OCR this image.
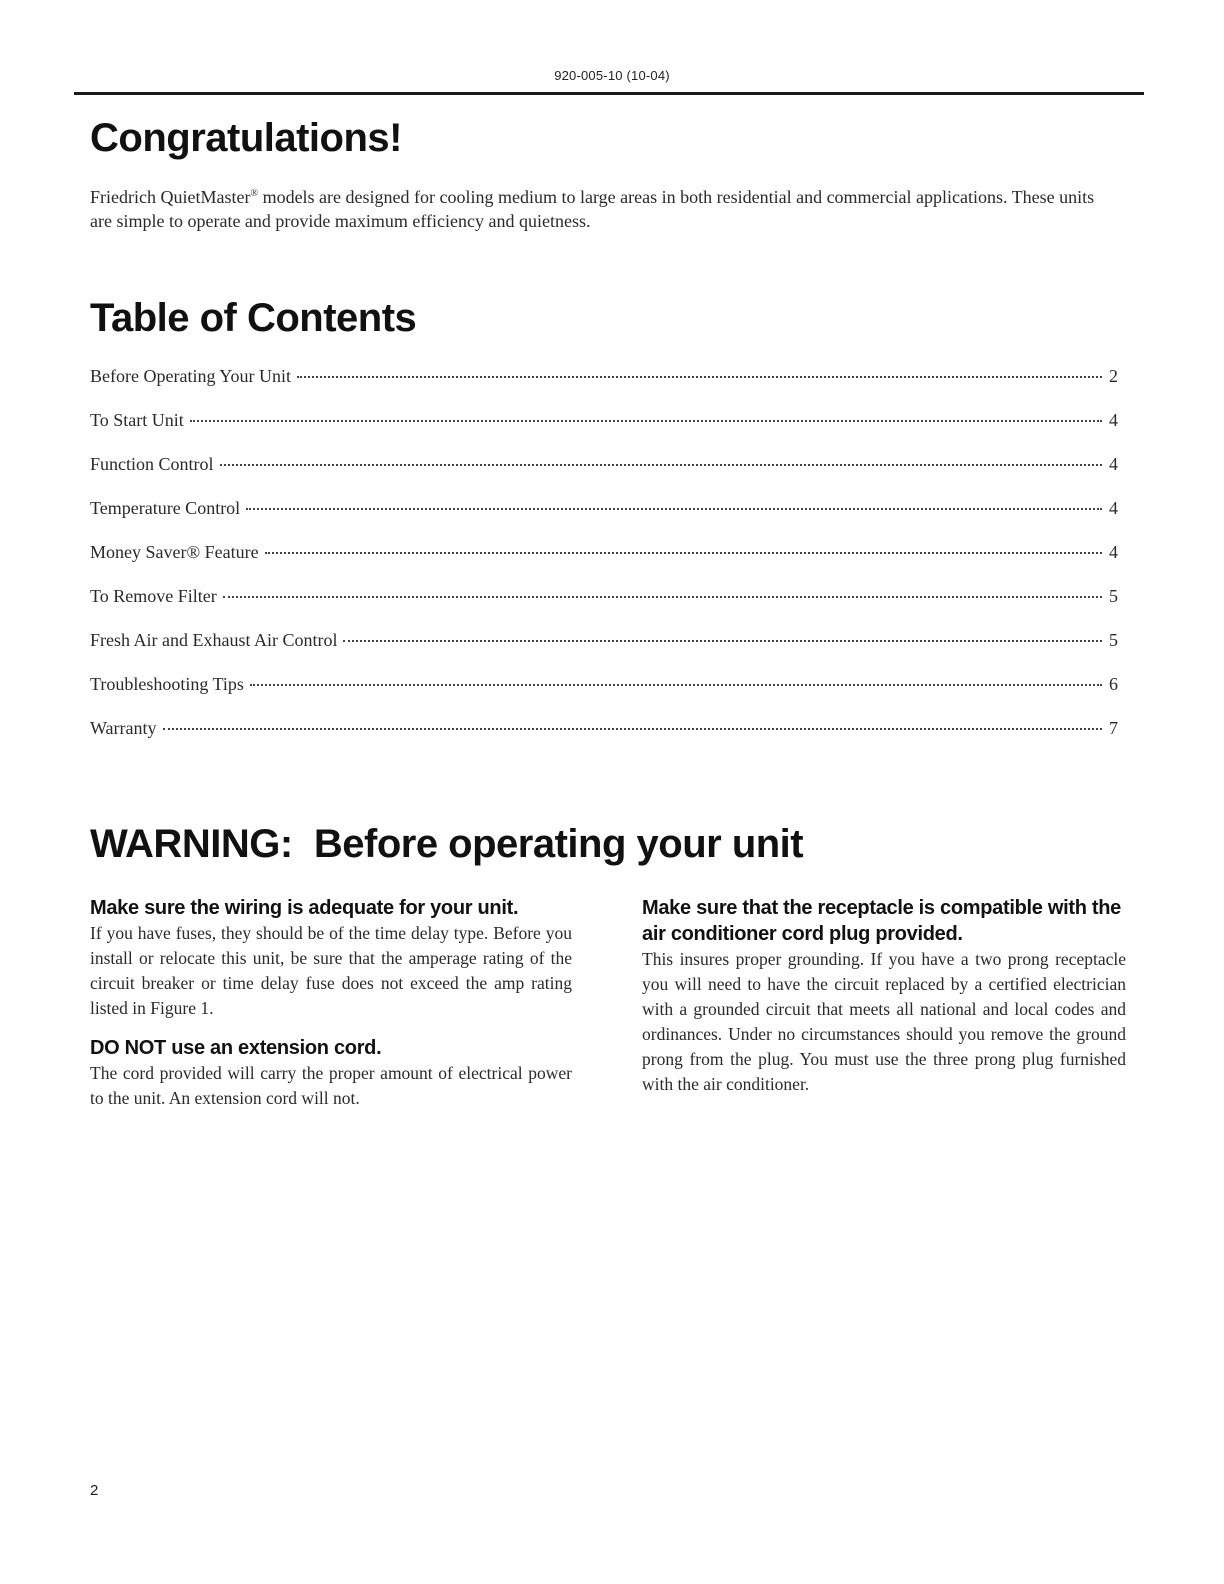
920-005-10 (10-04)
Congratulations!

Friedrich QuietMaster® models are designed for cooling medium to large areas in both residential and commercial applications. These units are simple to operate and provide maximum efficiency and quietness.

Table of Contents
Before Operating Your Unit	2
To Start Unit	4
Function Control	4
Temperature Control	4
Money Saver® Feature	4
To Remove Filter	5
Fresh Air and Exhaust Air Control	5
Troubleshooting Tips	6
Warranty	7
WARNING:  Before operating your unit
Make sure the wiring is adequate for your unit.

If you have fuses, they should be of the time delay type. Before you install or relocate this unit, be sure that the amperage rating of the circuit breaker or time delay fuse does not exceed the amp rating listed in Figure 1.

DO NOT use an extension cord.

The cord provided will carry the proper amount of electrical power to the unit. An extension cord will not.

Make sure that the receptacle is compatible with the air conditioner cord plug provided.

This insures proper grounding. If you have a two prong receptacle you will need to have the circuit replaced by a certified electrician with a grounded circuit that meets all national and local codes and ordinances. Under no circumstances should you remove the ground prong from the plug. You must use the three prong plug furnished with the air conditioner.

2
